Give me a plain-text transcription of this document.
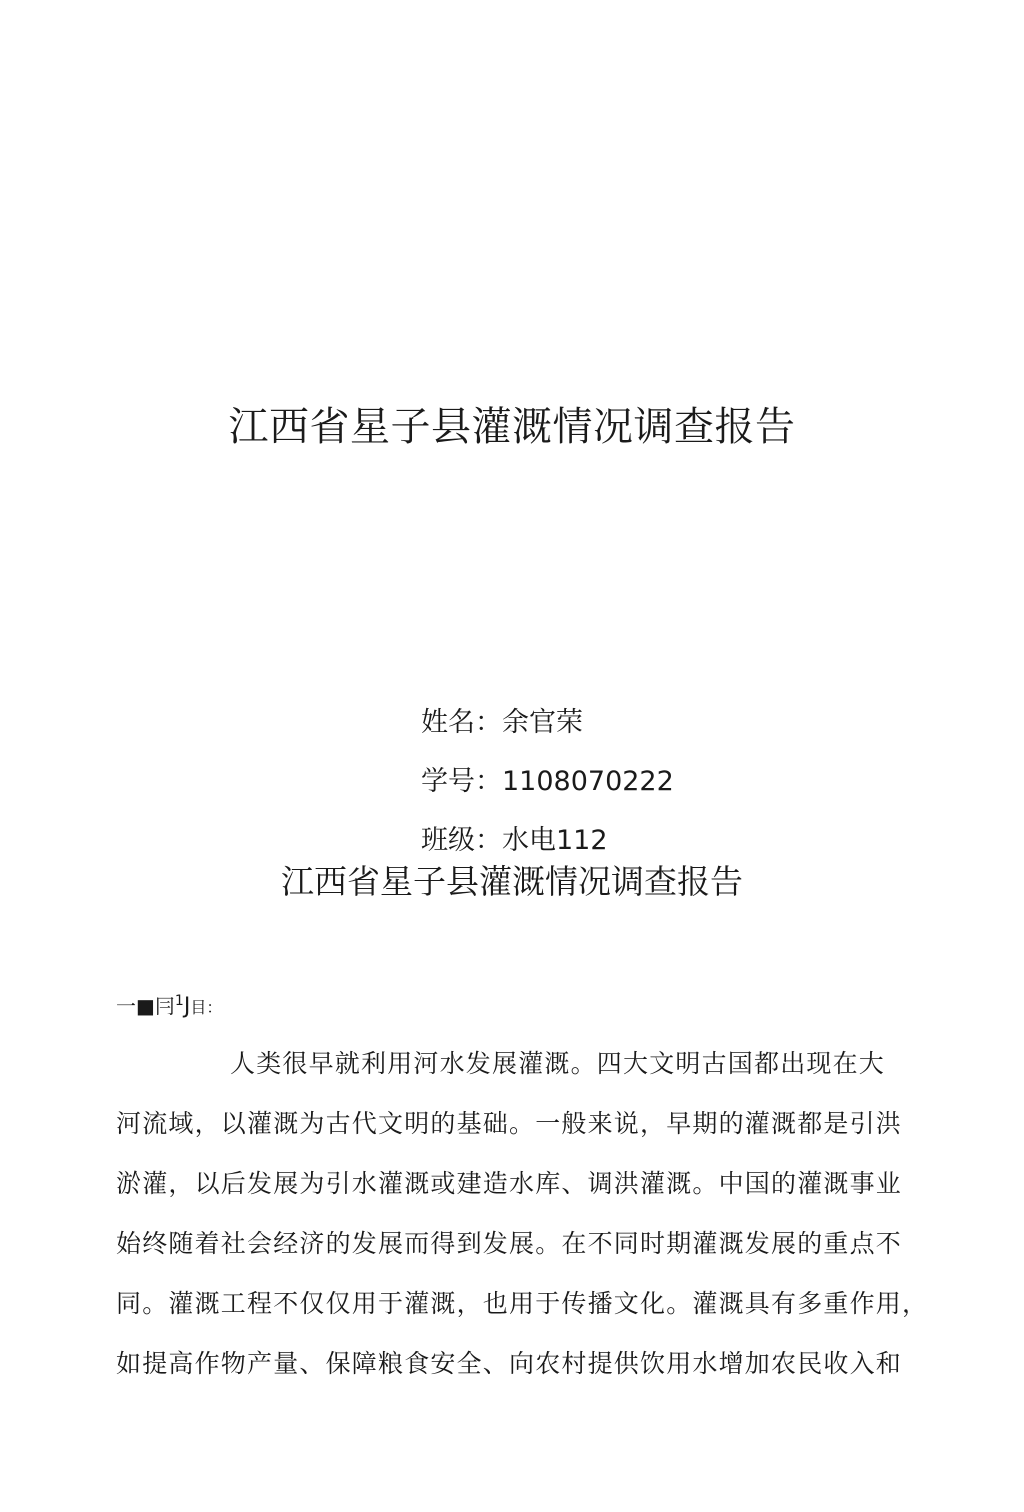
江西省星子县灌溉情况调查报告
姓名：余官荣
学号：1108070222
班级：水电112
江西省星子县灌溉情况调查报告
一■冃$^1$J目：
人类很早就利用河水发展灌溉。四大文明古国都出现在大
河流域，以灌溉为古代文明的基础。一般来说，早期的灌溉都是引洪
淤灌，以后发展为引水灌溉或建造水库、调洪灌溉。中国的灌溉事业
始终随着社会经济的发展而得到发展。在不同时期灌溉发展的重点不
同。灌溉工程不仅仅用于灌溉，也用于传播文化。灌溉具有多重作用，
如提高作物产量、保障粮食安全、向农村提供饮用水增加农民收入和
